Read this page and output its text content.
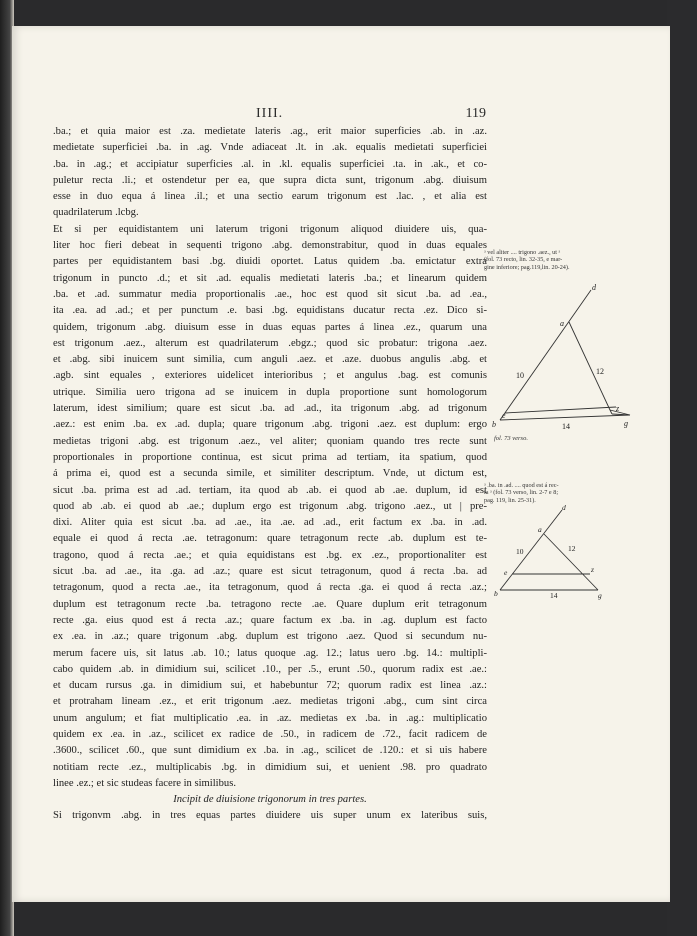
IIII.	119
.ba.; et quia maior est .za. medietate lateris .ag., erit maior superficies .ab. in .az.
medietate superficiei .ba. in .ag. Vnde adiaceat .lt. in .ak. equalis medietati superficiei
.ba. in .ag.; et accipiatur superficies .al. in .kl. equalis superficiei .ta. in .ak., et co-
puletur recta .li.; et ostendetur per ea, que supra dicta sunt, trigonum .abg. diuisum
esse in duo equa á linea .il.; et una sectio earum trigonum est .lac. , et alia est
quadrilaterum .lcbg.
Et si per equidistantem uni laterum trigoni trigonum aliquod diuidere uis, qua-
liter hoc fieri debeat in sequenti trigono .abg. demonstrabitur, quod in duas equales
partes per equidistantem basi .bg. diuidi oportet. Latus quidem .ba. emictatur extra
trigonum in puncto .d.; et sit .ad. equalis medietati lateris .ba.; et linearum quidem
.ba. et .ad. summatur media proportionalis .ae., hoc est quod sit sicut .ba. ad .ea.,
ita .ea. ad .ad.; et per punctum .e. basi .bg. equidistans ducatur recta .ez. Dico si-
quidem, trigonum .abg. diuisum esse in duas equas partes á linea .ez., quarum una
est trigonum .aez., alterum est quadrilaterum .ebgz.; quod sic probatur: trigona .aez.
et .abg. sibi inuicem sunt similia, cum anguli .aez. et .aze. duobus angulis .abg. et
.agb. sint equales , exteriores uidelicet interioribus ; et angulus .bag. est comunis
utrique. Similia uero trigona ad se inuicem in dupla proportione sunt homologorum
laterum, idest similium; quare est sicut .ba. ad .ad., ita trigonum .abg. ad trigonum
.aez.: est enim .ba. ex .ad. dupla; quare trigonum .abg. trigoni .aez. est duplum: ergo
medietas trigoni .abg. est trigonum .aez., vel aliter; quoniam quando tres recte sunt
proportionales in proportione continua, est sicut prima ad tertiam, ita spatium, quod
á prima ei, quod est a secunda simile, et similiter descriptum. Vnde, ut dictum est,
sicut .ba. prima est ad .ad. tertiam, ita quod ab .ab. ei quod ab .ae. duplum, id est
quod ab .ab. ei quod ab .ae.; duplum ergo est trigonum .abg. trigono .aez., ut | pre-
dixi. Aliter quia est sicut .ba. ad .ae., ita .ae. ad .ad., erit factum ex .ba. in .ad.
equale ei quod á recta .ae. tetragonum: quare tetragonum recte .ab. duplum est te-
tragono, quod á recta .ae.; et quia equidistans est .bg. ex .ez., proportionaliter est
sicut .ba. ad .ae., ita .ga. ad .az.; quare est sicut tetragonum, quod á recta .ba. ad
tetragonum, quod a recta .ae., ita tetragonum, quod á recta .ga. ei quod á recta .az.;
duplum est tetragonum recte .ba. tetragono recte .ae. Quare duplum erit tetragonum
recte .ga. eius quod est á recta .az.; quare factum ex .ba. in .ag. duplum est facto
ex .ea. in .az.; quare trigonum .abg. duplum est trigono .aez. Quod si secundum nu-
merum facere uis, sit latus .ab. 10.; latus quoque .ag. 12.; latus uero .bg. 14.: multipli-
cabo quidem .ab. in dimidium sui, scilicet .10., per .5., erunt .50., quorum radix est .ae.:
et ducam rursus .ga. in dimidium sui, et habebuntur 72; quorum radix est linea .az.:
et protraham lineam .ez., et erit trigonum .aez. medietas trigoni .abg., cum sint circa
unum angulum; et fiat multiplicatio .ea. in .az. medietas ex .ba. in .ag.: multiplicatio
quidem ex .ea. in .az., scilicet ex radice de .50., in radicem de .72., facit radicem de
.3600., scilicet .60., que sunt dimidium ex .ba. in .ag., scilicet de .120.: et si uis habere
notitiam recte .ez., multiplicabis .bg. in dimidium sui, et uenient .98. pro quadrato
linee .ez.; et sic studeas facere in similibus.
Incipit de diuisione trigonorum in tres partes.
Si trigonvm .abg. in tres equas partes diuidere uis super unum ex lateribus suis,
ᵃ vel aliter .... trigono .aez., ut ᵃ
(fol. 73 recto, lin. 32-35, e mar-
gine inferiore; pag.119,lin. 20-24).
fol. 73 verso.
ᵃ .ba. in .ad. .... quod est á rec-
ta ᵃ (fol. 73 verso, lin. 2-7 e 8;
pag. 119, lin. 25-31).
d
a
e
z
b	g
10	12
14
d
a
e	z
b	g
10	12
14
